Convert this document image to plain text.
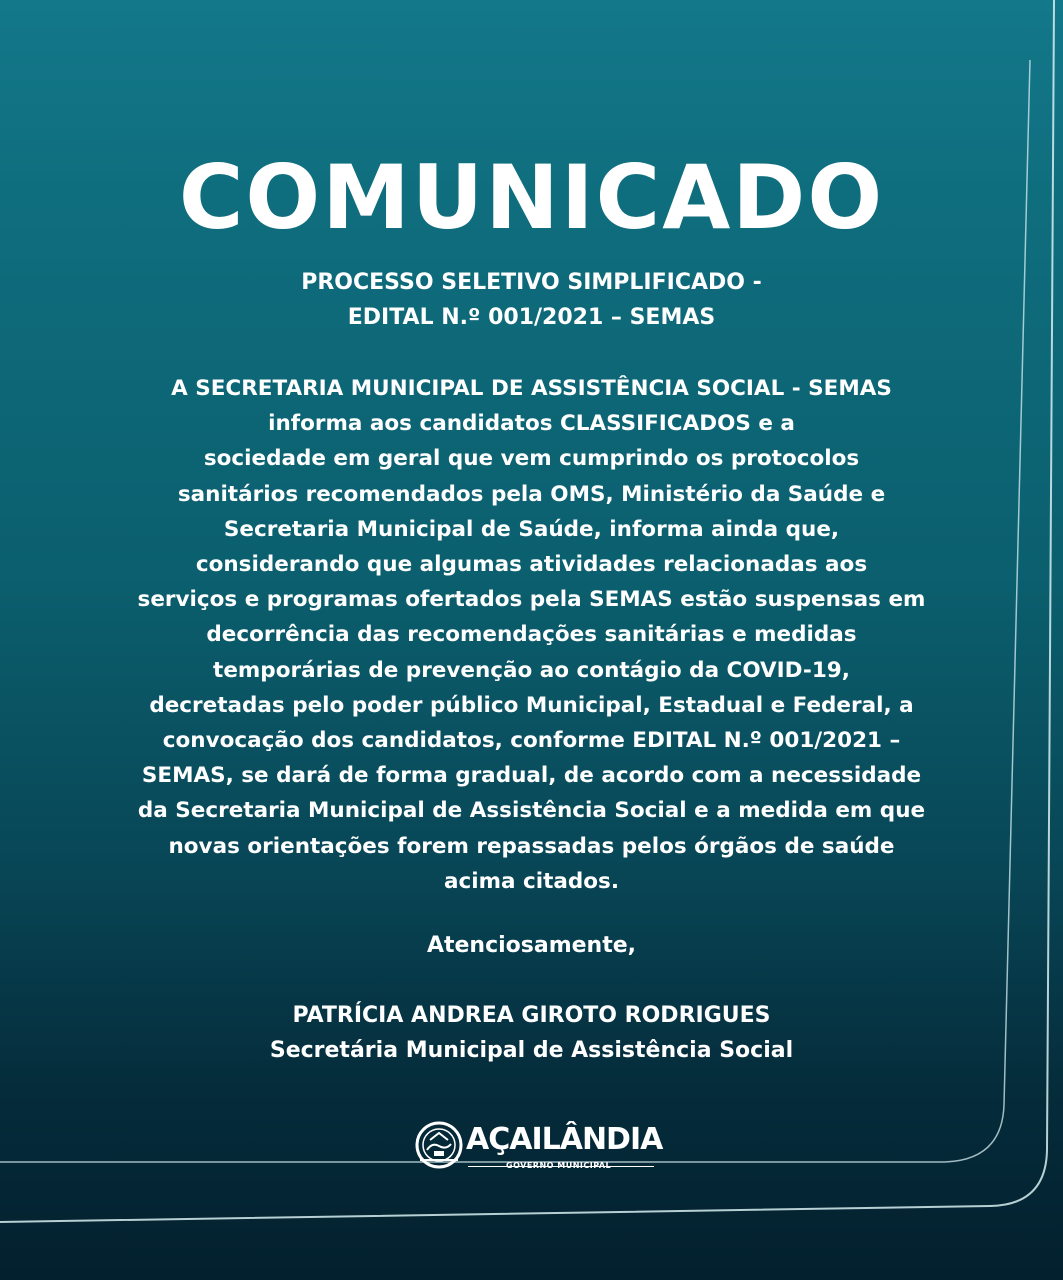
COMUNICADO
PROCESSO SELETIVO SIMPLIFICADO -
EDITAL N.º 001/2021 – SEMAS
A SECRETARIA MUNICIPAL DE ASSISTÊNCIA SOCIAL - SEMAS
informa aos candidatos CLASSIFICADOS e a
sociedade em geral que vem cumprindo os protocolos
sanitários recomendados pela OMS, Ministério da Saúde e
Secretaria Municipal de Saúde, informa ainda que,
considerando que algumas atividades relacionadas aos
serviços e programas ofertados pela SEMAS estão suspensas em
decorrência das recomendações sanitárias e medidas
temporárias de prevenção ao contágio da COVID-19,
decretadas pelo poder público Municipal, Estadual e Federal, a
convocação dos candidatos, conforme EDITAL N.º 001/2021 –
SEMAS, se dará de forma gradual, de acordo com a necessidade
da Secretaria Municipal de Assistência Social e a medida em que
novas orientações forem repassadas pelos órgãos de saúde
acima citados.
Atenciosamente,
PATRÍCIA ANDREA GIROTO RODRIGUES
Secretária Municipal de Assistência Social
AÇAILÂNDIA
GOVERNO MUNICIPAL
